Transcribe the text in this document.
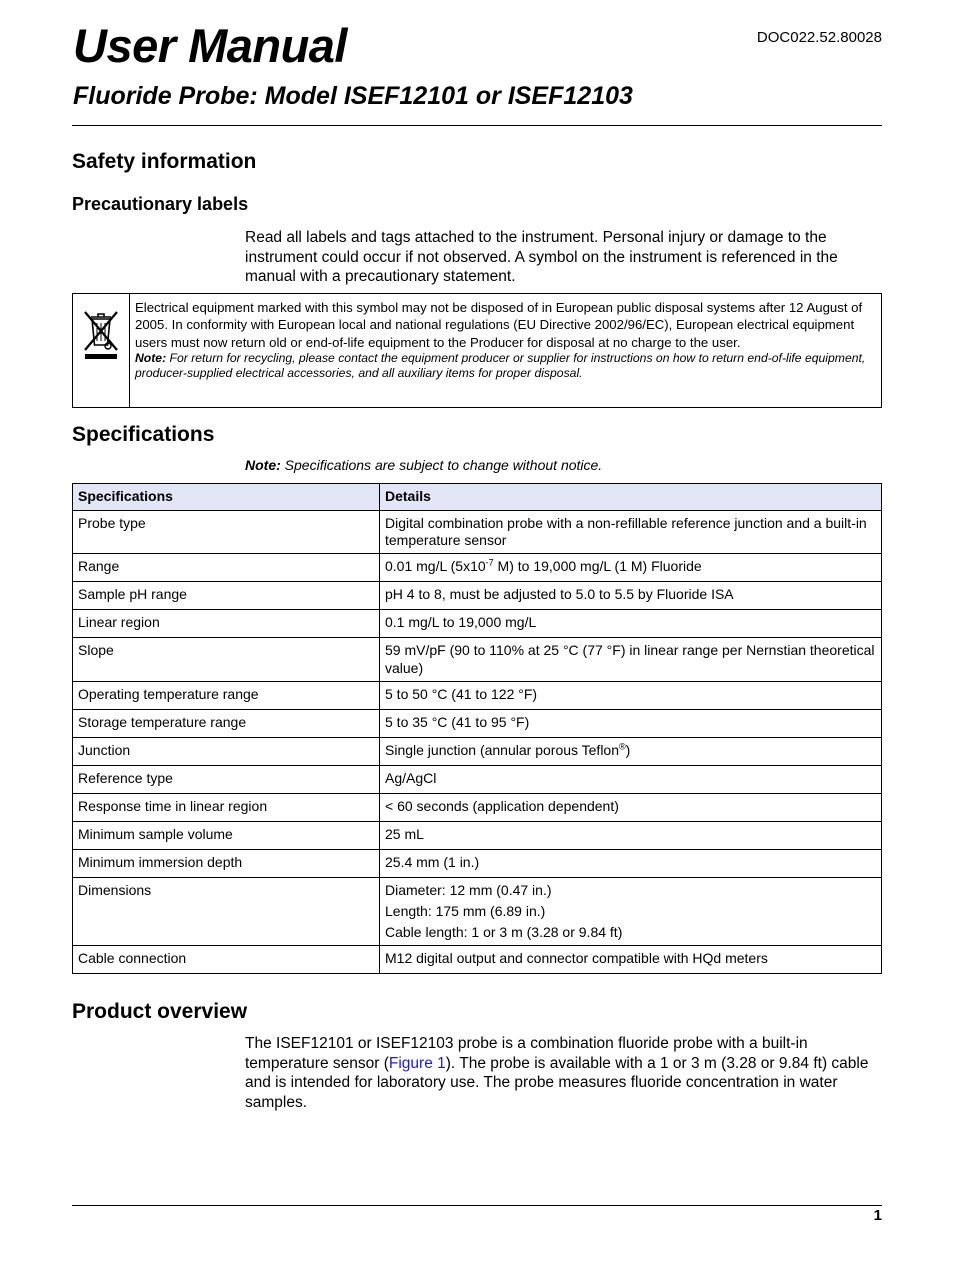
DOC022.52.80028
User Manual
Fluoride Probe: Model ISEF12101 or ISEF12103
Safety information
Precautionary labels

Read all labels and tags attached to the instrument. Personal injury or damage to the instrument could occur if not observed. A symbol on the instrument is referenced in the manual with a precautionary statement.

Electrical equipment marked with this symbol may not be disposed of in European public disposal systems after 12 August of 2005. In conformity with European local and national regulations (EU Directive 2002/96/EC), European electrical equipment users must now return old or end-of-life equipment to the Producer for disposal at no charge to the user.
Note: For return for recycling, please contact the equipment producer or supplier for instructions on how to return end-of-life equipment, producer-supplied electrical accessories, and all auxiliary items for proper disposal.
Specifications

Note: Specifications are subject to change without notice.

Specifications	Details
Probe type	Digital combination probe with a non-refillable reference junction and a built-in temperature sensor
Range	0.01 mg/L ($5x10^{-7}$ M) to 19,000 mg/L (1 M) Fluoride
Sample pH range	pH 4 to 8, must be adjusted to 5.0 to 5.5 by Fluoride ISA
Linear region	0.1 mg/L to 19,000 mg/L
Slope	59 mV/pF (90 to 110% at 25 °C (77 °F) in linear range per Nernstian theoretical value)
Operating temperature range	5 to 50 °C (41 to 122 °F)
Storage temperature range	5 to 35 °C (41 to 95 °F)
Junction	Single junction (annular porous Teflon®)
Reference type	Ag/AgCl
Response time in linear region	< 60 seconds (application dependent)
Minimum sample volume	25 mL
Minimum immersion depth	25.4 mm (1 in.)
Dimensions	Diameter: 12 mm (0.47 in.)
Length: 175 mm (6.89 in.)
Cable length: 1 or 3 m (3.28 or 9.84 ft)

Cable connection	M12 digital output and connector compatible with HQd meters
Product overview

The ISEF12101 or ISEF12103 probe is a combination fluoride probe with a built-in temperature sensor (Figure 1). The probe is available with a 1 or 3 m (3.28 or 9.84 ft) cable and is intended for laboratory use. The probe measures fluoride concentration in water samples.

1
